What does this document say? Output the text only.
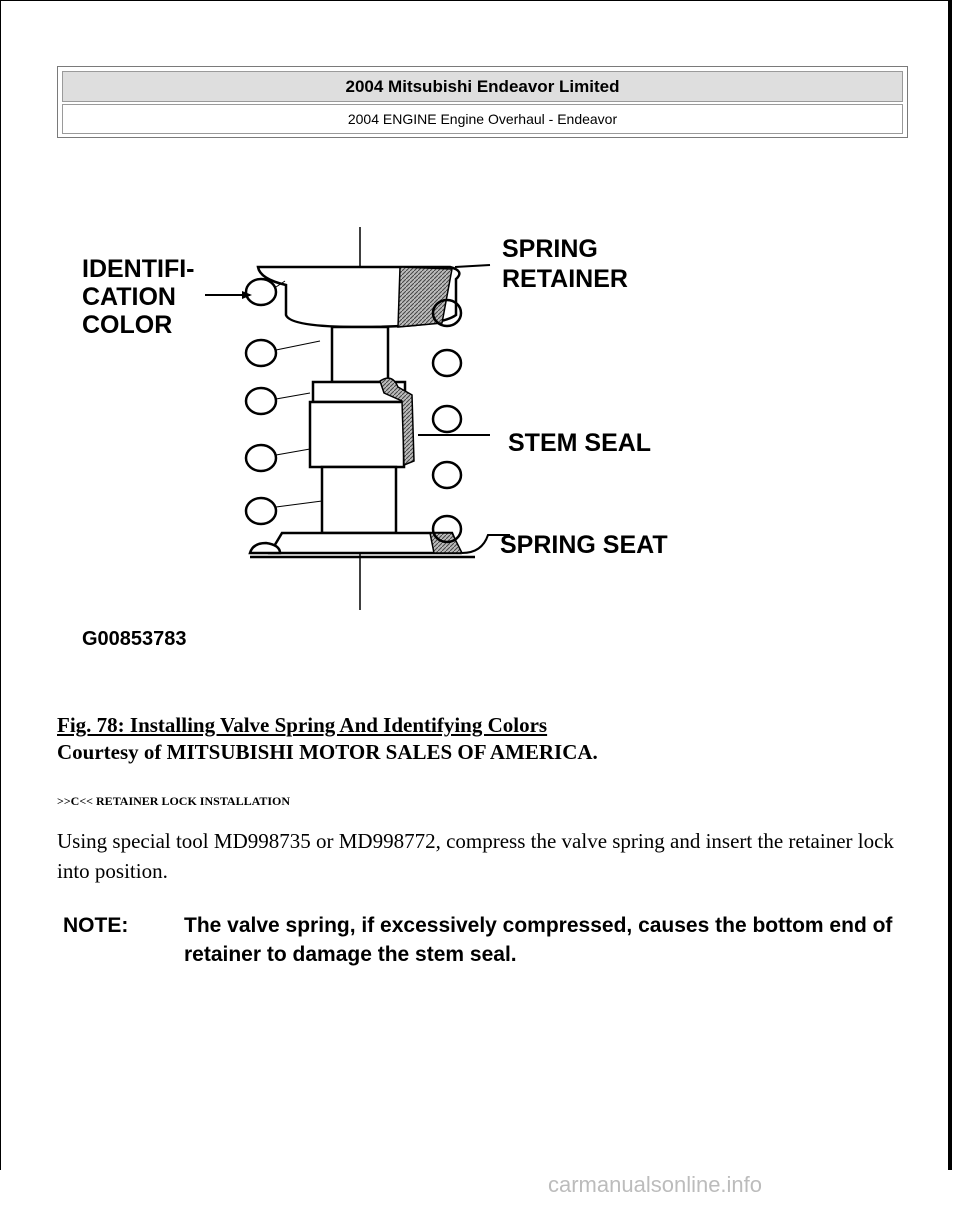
2004 Mitsubishi Endeavor Limited
2004 ENGINE Engine Overhaul - Endeavor
IDENTIFI-
CATION
COLOR
SPRING
RETAINER
STEM SEAL
SPRING SEAT
G00853783
Fig. 78: Installing Valve Spring And Identifying Colors
Courtesy of MITSUBISHI MOTOR SALES OF AMERICA.
>>C<< RETAINER LOCK INSTALLATION
Using special tool MD998735 or MD998772, compress the valve spring and insert the retainer lock into position.
NOTE:	The valve spring, if excessively compressed, causes the bottom end of retainer to damage the stem seal.
carmanualsonline.info
